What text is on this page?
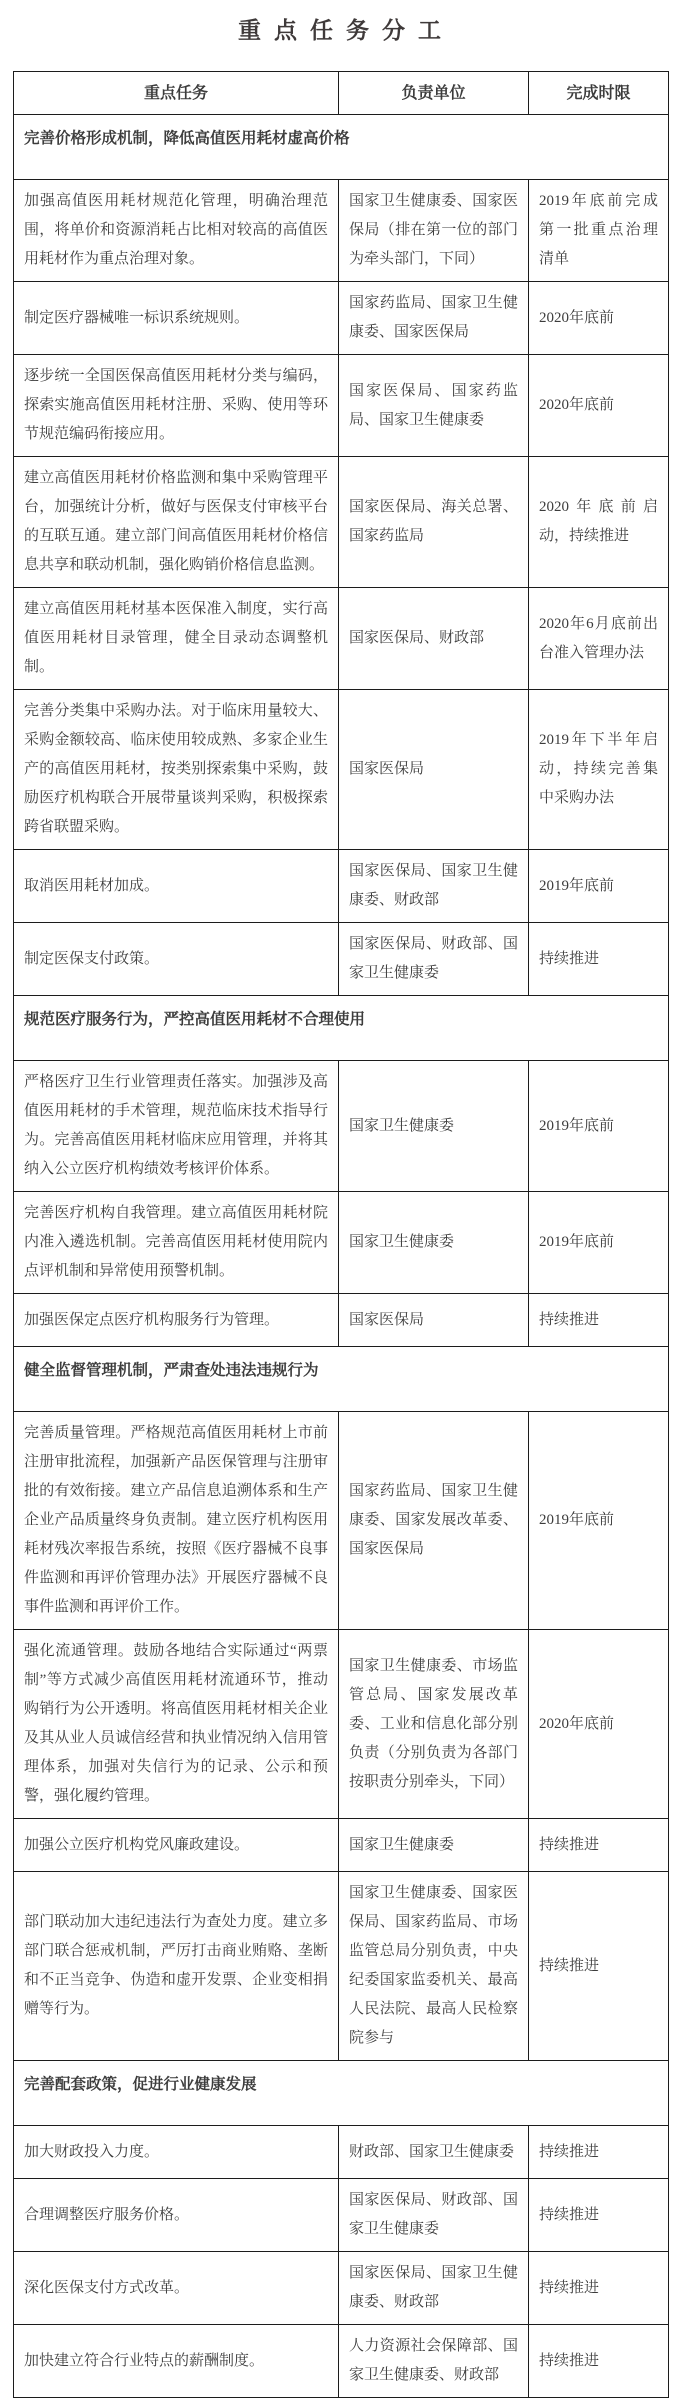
重点任务分工
重点任务	负责单位	完成时限
完善价格形成机制，降低高值医用耗材虚高价格		
加强高值医用耗材规范化管理，明确治理范围，将单价和资源消耗占比相对较高的高值医用耗材作为重点治理对象。	国家卫生健康委、国家医保局（排在第一位的部门为牵头部门，下同）	2019年底前完成第一批重点治理清单
制定医疗器械唯一标识系统规则。	国家药监局、国家卫生健康委、国家医保局	2020年底前
逐步统一全国医保高值医用耗材分类与编码，探索实施高值医用耗材注册、采购、使用等环节规范编码衔接应用。	国家医保局、国家药监局、国家卫生健康委	2020年底前
建立高值医用耗材价格监测和集中采购管理平台，加强统计分析，做好与医保支付审核平台的互联互通。建立部门间高值医用耗材价格信息共享和联动机制，强化购销价格信息监测。	国家医保局、海关总署、国家药监局	2020年底前启动，持续推进
建立高值医用耗材基本医保准入制度，实行高值医用耗材目录管理，健全目录动态调整机制。	国家医保局、财政部	2020年6月底前出台准入管理办法
完善分类集中采购办法。对于临床用量较大、采购金额较高、临床使用较成熟、多家企业生产的高值医用耗材，按类别探索集中采购，鼓励医疗机构联合开展带量谈判采购，积极探索跨省联盟采购。	国家医保局	2019年下半年启动，持续完善集中采购办法
取消医用耗材加成。	国家医保局、国家卫生健康委、财政部	2019年底前
制定医保支付政策。	国家医保局、财政部、国家卫生健康委	持续推进
规范医疗服务行为，严控高值医用耗材不合理使用		
严格医疗卫生行业管理责任落实。加强涉及高值医用耗材的手术管理，规范临床技术指导行为。完善高值医用耗材临床应用管理，并将其纳入公立医疗机构绩效考核评价体系。	国家卫生健康委	2019年底前
完善医疗机构自我管理。建立高值医用耗材院内准入遴选机制。完善高值医用耗材使用院内点评机制和异常使用预警机制。	国家卫生健康委	2019年底前
加强医保定点医疗机构服务行为管理。	国家医保局	持续推进
健全监督管理机制，严肃查处违法违规行为		
完善质量管理。严格规范高值医用耗材上市前注册审批流程，加强新产品医保管理与注册审批的有效衔接。建立产品信息追溯体系和生产企业产品质量终身负责制。建立医疗机构医用耗材残次率报告系统，按照《医疗器械不良事件监测和再评价管理办法》开展医疗器械不良事件监测和再评价工作。	国家药监局、国家卫生健康委、国家发展改革委、国家医保局	2019年底前
强化流通管理。鼓励各地结合实际通过“两票制”等方式减少高值医用耗材流通环节，推动购销行为公开透明。将高值医用耗材相关企业及其从业人员诚信经营和执业情况纳入信用管理体系，加强对失信行为的记录、公示和预警，强化履约管理。	国家卫生健康委、市场监管总局、国家发展改革委、工业和信息化部分别负责（分别负责为各部门按职责分别牵头，下同）	2020年底前
加强公立医疗机构党风廉政建设。	国家卫生健康委	持续推进
部门联动加大违纪违法行为查处力度。建立多部门联合惩戒机制，严厉打击商业贿赂、垄断和不正当竞争、伪造和虚开发票、企业变相捐赠等行为。	国家卫生健康委、国家医保局、国家药监局、市场监管总局分别负责，中央纪委国家监委机关、最高人民法院、最高人民检察院参与	持续推进
完善配套政策，促进行业健康发展		
加大财政投入力度。	财政部、国家卫生健康委	持续推进
合理调整医疗服务价格。	国家医保局、财政部、国家卫生健康委	持续推进
深化医保支付方式改革。	国家医保局、国家卫生健康委、财政部	持续推进
加快建立符合行业特点的薪酬制度。	人力资源社会保障部、国家卫生健康委、财政部	持续推进
